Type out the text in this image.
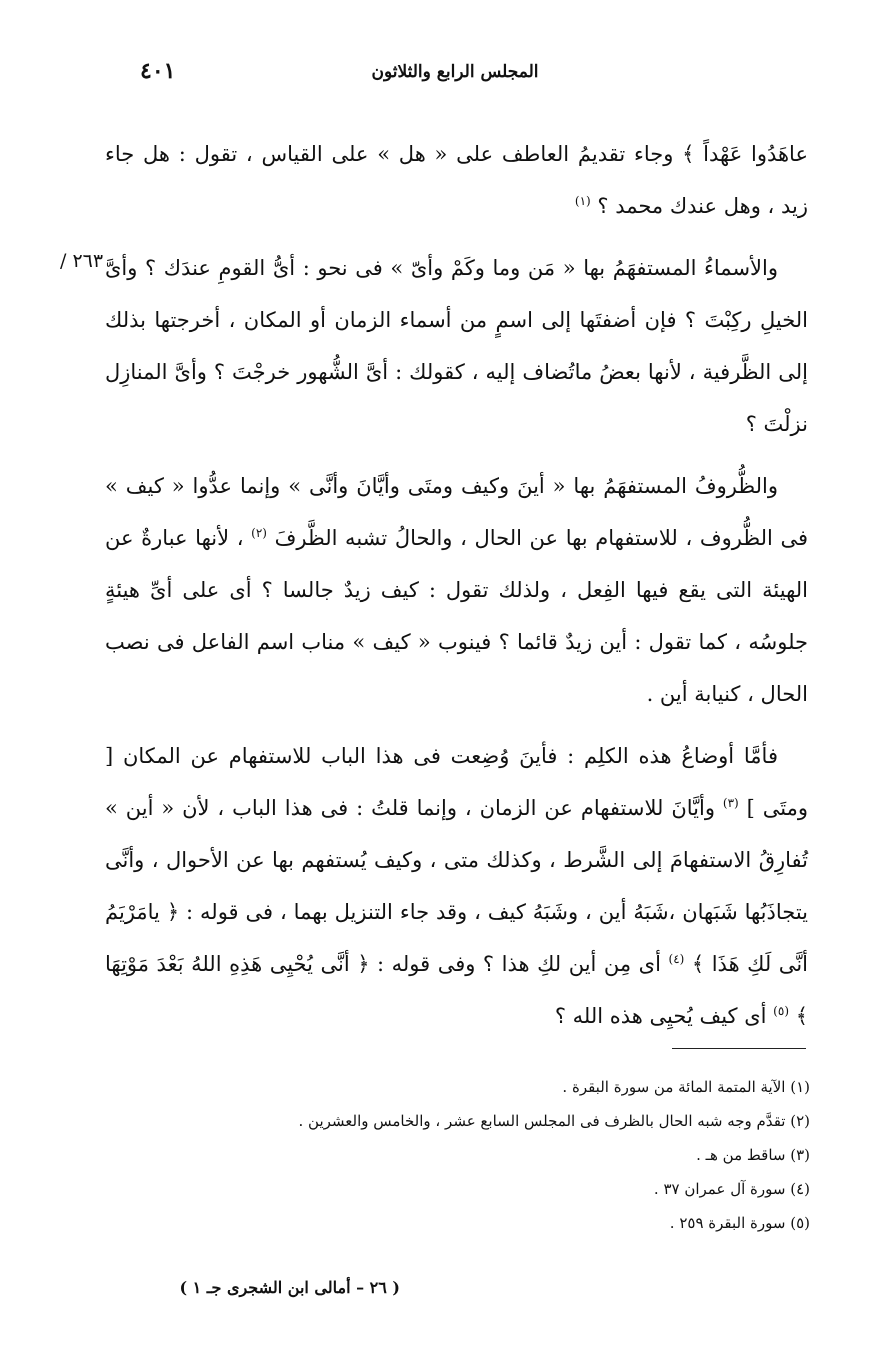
٤٠١	المجلس الرابع والثلاثون
٢٦٣ /

عاهَدُوا عَهْداً ﴾ وجاء تقديمُ العاطف على « هل » على القياس ، تقول : هل جاء زيد ، وهل عندك محمد ؟ $^{(١)}$

والأسماءُ المستفهَمُ بها « مَن وما وكَمْ وأىّ » فى نحو : أىُّ القومِ عندَك ؟ وأىَّ الخيلِ ركِبْتَ ؟ فإن أضفتَها إلى اسمٍ من أسماء الزمان أو المكان ، أخرجتها بذلك إلى الظَّرفية ، لأنها بعضُ ماتُضاف إليه ، كقولك : أىَّ الشُّهور خرجْتَ ؟ وأىَّ المنازِل نزلْتَ ؟

والظُّروفُ المستفهَمُ بها « أينَ وكيف ومتَى وأيَّانَ وأنَّى » وإنما عدُّوا « كيف » فى الظُّروف ، للاستفهام بها عن الحال ، والحالُ تشبه الظَّرفَ $^{(٢)}$ ، لأنها عبارةٌ عن الهيئة التى يقع فيها الفِعل ، ولذلك تقول : كيف زيدٌ جالسا ؟ أى على أىِّ هيئةٍ جلوسُه ، كما تقول : أين زيدٌ قائما ؟ فينوب « كيف » مناب اسم الفاعل فى نصب الحال ، كنيابة أين .

فأمَّا أوضاعُ هذه الكلِم : فأينَ وُضِعت فى هذا الباب للاستفهام عن المكان [ ومتَى ] $^{(٣)}$ وأيَّانَ للاستفهام عن الزمان ، وإنما قلتُ : فى هذا الباب ، لأن « أين » تُفارِقُ الاستفهامَ إلى الشَّرط ، وكذلك متى ، وكيف يُستفهم بها عن الأحوال ، وأنَّى يتجاذَبُها شَبَهان ،شَبَهُ أين ، وشَبَهُ كيف ، وقد جاء التنزيل بهما ، فى قوله : ﴿ يامَرْيَمُ أنَّى لَكِ هَذَا ﴾ $^{(٤)}$ أى مِن أين لكِ هذا ؟ وفى قوله : ﴿ أنَّى يُحْيِى هَذِهِ اللهُ بَعْدَ مَوْتِهَا ﴾ $^{(٥)}$ أى كيف يُحيِى هذه الله ؟

(١) الآية المتمة المائة من سورة البقرة .

(٢) تقدَّم وجه شبه الحال بالظرف فى المجلس السابع عشر ، والخامس والعشرين .

(٣) ساقط من هـ .

(٤) سورة آل عمران ٣٧ .

(٥) سورة البقرة ٢٥٩ .

( ٢٦ – أمالى ابن الشجرى جـ ١ )
